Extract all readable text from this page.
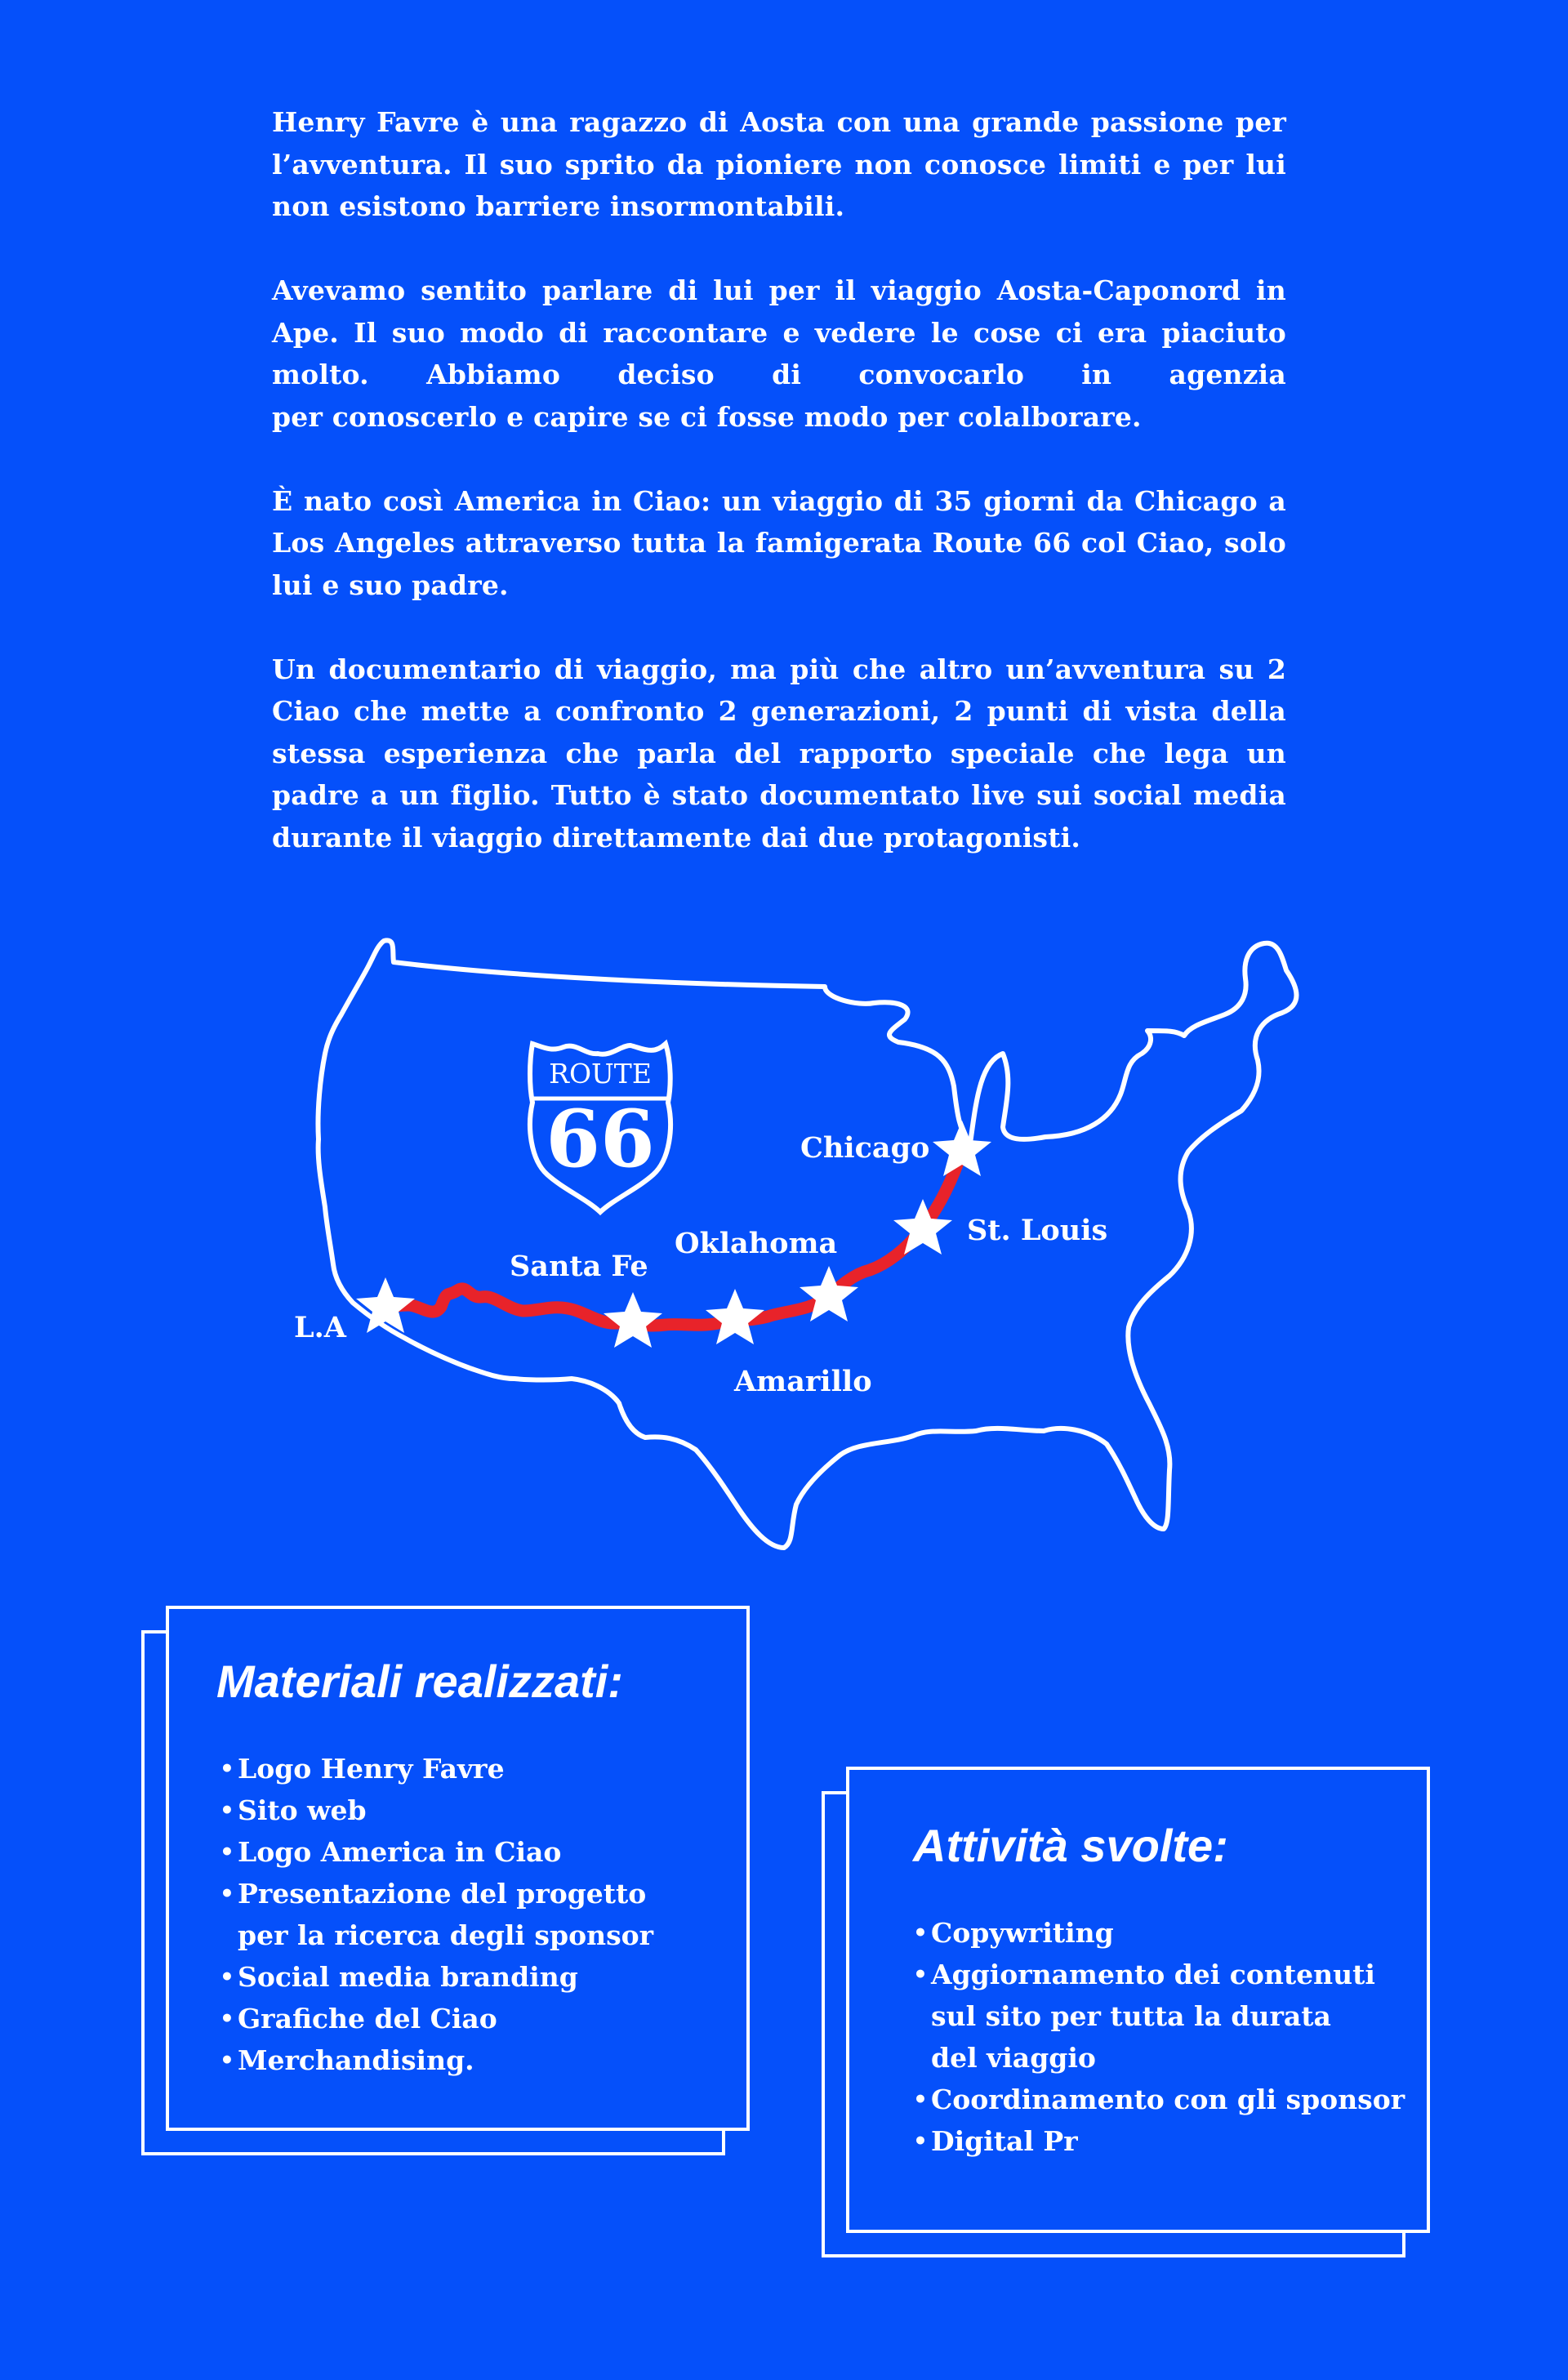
Henry Favre è una ragazzo di Aosta con una grande passione per l’avventura. Il suo sprito da pioniere non conosce limiti e per lui non esistono barriere insormontabili.

Avevamo sentito parlare di lui per il viaggio Aosta-Caponord in Ape. Il suo modo di raccontare e vedere le cose ci era piaciuto molto. Abbiamo deciso di convocarlo in agenzia
per conoscerlo e capire se ci fosse modo per colalborare.

È nato così America in Ciao: un viaggio di 35 giorni da Chicago a Los Angeles attraverso tutta la famigerata Route 66 col Ciao, solo lui e suo padre.

Un documentario di viaggio, ma più che altro un’avventura su 2 Ciao che mette a confronto 2 generazioni, 2 punti di vista della stessa esperienza che parla del rapporto speciale che lega un padre a un figlio. Tutto è stato documentato live sui social media durante il viaggio direttamente dai due protagonisti.

ROUTE
66	Chicago
St. Louis
Oklahoma
Santa Fe
Amarillo
L.A
Materiali realizzati:
• Logo Henry Favre
• Sito web
• Logo America in Ciao
• Presentazione del progetto
per la ricerca degli sponsor
• Social media branding
• Grafiche del Ciao
• Merchandising.
Attività svolte:
• Copywriting
• Aggiornamento dei contenuti
sul sito per tutta la durata
del viaggio
• Coordinamento con gli sponsor
• Digital Pr
